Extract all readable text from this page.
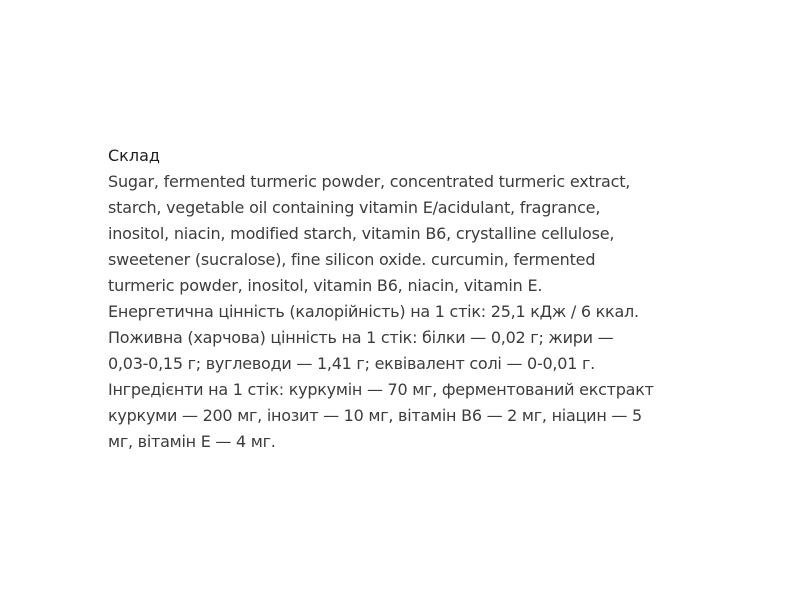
Склад
Sugar, fermented turmeric powder, concentrated turmeric extract,
starch, vegetable oil containing vitamin E/acidulant, fragrance,
inositol, niacin, modified starch, vitamin B6, crystalline cellulose,
sweetener (sucralose), fine silicon oxide. curcumin, fermented
turmeric powder, inositol, vitamin B6, niacin, vitamin E.
Енергетична цінність (калорійність) на 1 стік: 25,1 кДж / 6 ккал.
Поживна (харчова) цінність на 1 стік: білки — 0,02 г; жири —
0,03-0,15 г; вуглеводи — 1,41 г; еквівалент солі — 0-0,01 г.
Інгредієнти на 1 стік: куркумін — 70 мг, ферментований екстракт
куркуми — 200 мг, інозит — 10 мг, вітамін B6 — 2 мг, ніацин — 5
мг, вітамін E — 4 мг.
